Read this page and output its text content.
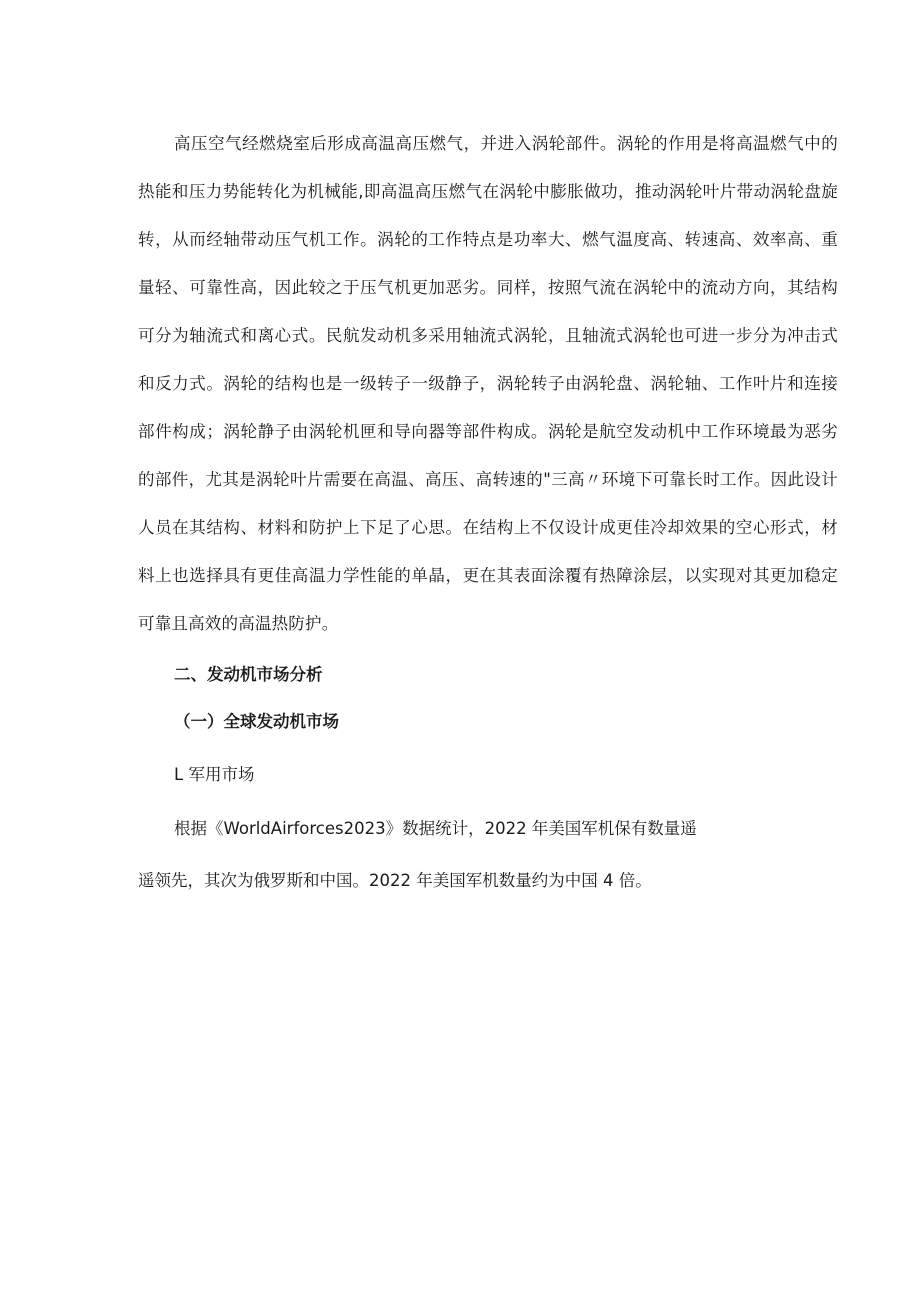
高压空气经燃烧室后形成高温高压燃气，并进入涡轮部件。涡轮的作用是将高温燃气中的热能和压力势能转化为机械能,即高温高压燃气在涡轮中膨胀做功，推动涡轮叶片带动涡轮盘旋转，从而经轴带动压气机工作。涡轮的工作特点是功率大、燃气温度高、转速高、效率高、重量轻、可靠性高，因此较之于压气机更加恶劣。同样，按照气流在涡轮中的流动方向，其结构可分为轴流式和离心式。民航发动机多采用轴流式涡轮，且轴流式涡轮也可进一步分为冲击式和反力式。涡轮的结构也是一级转子一级静子，涡轮转子由涡轮盘、涡轮轴、工作叶片和连接部件构成；涡轮静子由涡轮机匣和导向器等部件构成。涡轮是航空发动机中工作环境最为恶劣的部件，尤其是涡轮叶片需要在高温、高压、高转速的"三高〃环境下可靠长时工作。因此设计人员在其结构、材料和防护上下足了心思。在结构上不仅设计成更佳冷却效果的空心形式，材料上也选择具有更佳高温力学性能的单晶，更在其表面涂覆有热障涂层，以实现对其更加稳定可靠且高效的高温热防护。

二、发动机市场分析

（一）全球发动机市场

L 军用市场

根据《WorldAirforces2023》数据统计，2022 年美国军机保有数量遥

遥领先，其次为俄罗斯和中国。2022 年美国军机数量约为中国 4 倍。
